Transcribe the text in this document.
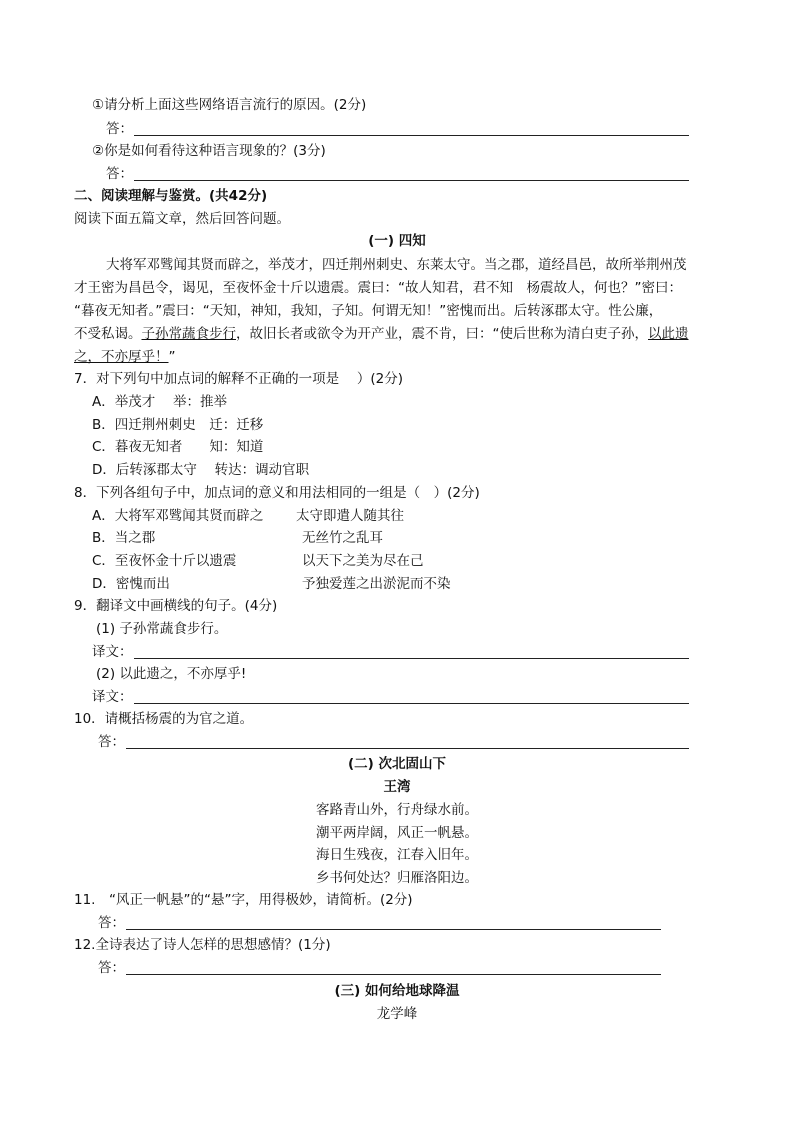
①请分析上面这些网络语言流行的原因。(2分)
答：
②你是如何看待这种语言现象的？(3分)
答：
二、阅读理解与鉴赏。(共42分)
阅读下面五篇文章，然后回答问题。
(一) 四知
大将军邓骘闻其贤而辟之，举茂才，四迁荆州刺史、东莱太守。当之郡，道经昌邑，故所举荆州茂
才王密为昌邑令，谒见，至夜怀金十斤以遗震。震曰：“故人知君，君不知　杨震故人，何也？”密曰：
“暮夜无知者。”震曰：“天知，神知，我知，子知。何谓无知！”密愧而出。后转涿郡太守。性公廉，
不受私谒。子孙常蔬食步行，故旧长者或欲令为开产业，震不肯，曰：“使后世称为清白吏子孙，以此遗
之，不亦厚乎！”
7．对下列句中加点词的解释不正确的一项是　 ）(2分)
A．举茂才　 举：推举
B．四迁荆州刺史　迁：迁移
C．暮夜无知者　　知：知道
D．后转涿郡太守　 转达：调动官职
8．下列各组句子中，加点词的意义和用法相同的一组是（　）(2分)
A．大将军邓骘闻其贤而辟之 太守即遣人随其往
B．当之郡	无丝竹之乱耳
C．至夜怀金十斤以遗震	以天下之美为尽在己
D．密愧而出	予独爱莲之出淤泥而不染
9．翻译文中画横线的句子。(4分)
(1) 子孙常蔬食步行。
译文：
(2) 以此遗之，不亦厚乎!
译文：
10．请概括杨震的为官之道。
答：
(二) 次北固山下
王湾
客路青山外，行舟绿水前。
潮平两岸阔，风正一帆悬。
海日生残夜，江春入旧年。
乡书何处达？归雁洛阳边。
11.　“风正一帆悬”的“悬”字，用得极妙，请简析。(2分)
答：
12.全诗表达了诗人怎样的思想感情？(1分)
答：
(三) 如何给地球降温
龙学峰
